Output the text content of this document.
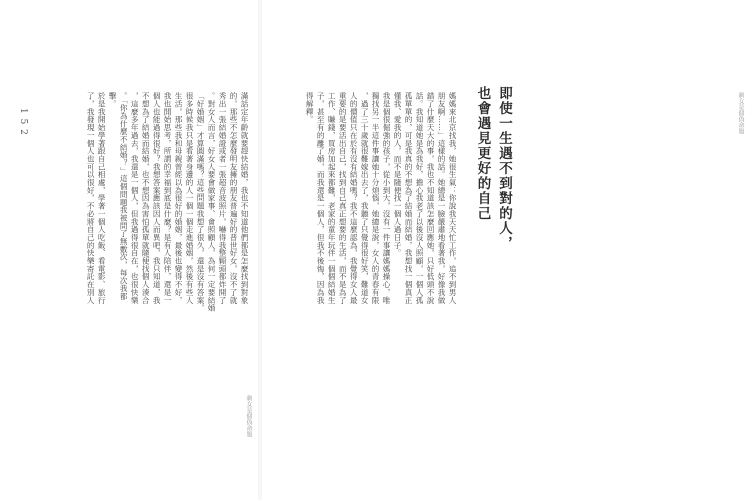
1 5 2	滿話定年齡就要趕快結婚，我也不知道他們都是怎麼找到對象
的，那些不怎麼發明友擁的朋友普遍好的普世好女，沒不了就
秀出一張結婚證或者一張超音波照片，嚇得我整顆頭都炸開了
。對女人而言，好女人要會做家事、會照顧人，為何一定要結婚
「好婚姻」才算圓滿嗎？這些問題我想了很久，還是沒有答案，
很多時候我只是看著身邊的人一個一個走進婚姻，然後有些人
生活，那些我和母親曾經以為很好的婚姻，最後也變得不好，
我也開始思考，所謂的幸福到底是什麼？是有人陪伴，還是一
個人也能過得很好？我想答案應該因人而異吧，我只知道，我
不想為了結婚而結婚，也不想因為害怕孤單就隨便找個人湊合
，這麼多年過去，我還是一個人，但我過得很自在，也很快樂
。「你為什麼不結婚？」這個問題我被問了無數次，每次我都
擊。
於是我開始學著跟自己相處，學著一個人吃飯、看電影、旅行
了，我發現一個人也可以很好，不必將自己的快樂寄託在別人
剩女是個偽命題
媽媽來北京找我，她很生氣：你說我天天忙工作，追不到男人
朋友啊……」這樣的話。她總是一臉嚴肅地看著我，好像我做
錯了什麼天大的事，我也不知道該怎麼回應她，只好低頭不說
話。我知道她是為我好，擔心我老了以後沒人照顧，一個人孤
孤單單的，可是我真的不想為了結婚而結婚，我想找一個真正
懂我、愛我的人，而不是隨便找一個人過日子。
我是個很倔強的孩子，從小到大，沒有一件事讓媽媽操心，唯
獨找另一半這件事讓她十分煩惱，她總是說，女人的青春有限
，過了三十歲就很難嫁出去了，我聽了只覺得很好笑，難道女
人的價值只在於有沒有結婚嗎？我不這麼認為，我覺得女人最
重要的是要活出自己，找到自己真正想要的生活，而不是為了
工作、賺錢，買房加起來都難，老家的童年玩伴一個個結婚生
子，甚至有的離了婚，而我還是一個人，但我不後悔，因為我
得解釋。	即使一生遇不到對的人，
也會遇見更好的自己	剩女是個偽命題
